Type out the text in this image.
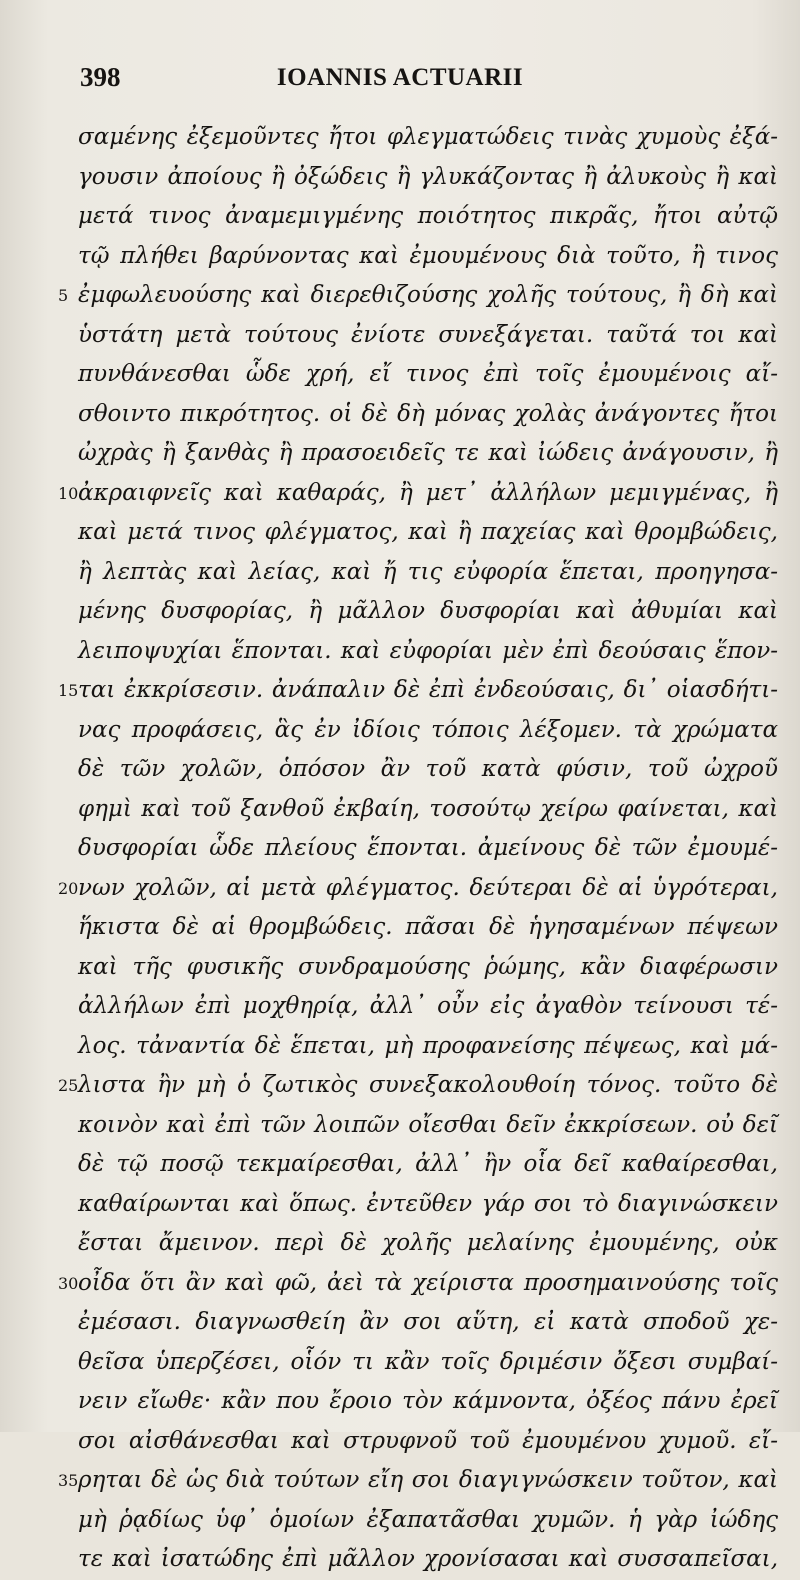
398	IOANNIS ACTUARII
σαμένης ἐξεμοῦντες ἤτοι φλεγματώδεις τινὰς χυμοὺς ἐξά-
γουσιν ἀποίους ἢ ὀξώδεις ἢ γλυκάζοντας ἢ ἀλυκοὺς ἢ καὶ
μετά τινος ἀναμεμιγμένης ποιότητος πικρᾶς, ἤτοι αὐτῷ
τῷ πλήθει βαρύνοντας καὶ ἐμουμένους διὰ τοῦτο, ἢ τινος
5 ἐμφωλευούσης καὶ διερεθιζούσης χολῆς τούτους, ἢ δὴ καὶ
ὑστάτη μετὰ τούτους ἐνίοτε συνεξάγεται. ταῦτά τοι καὶ
πυνθάνεσθαι ὧδε χρή, εἴ τινος ἐπὶ τοῖς ἐμουμένοις αἴ-
σθοιντο πικρότητος. οἱ δὲ δὴ μόνας χολὰς ἀνάγοντες ἤτοι
ὠχρὰς ἢ ξανθὰς ἢ πρασοειδεῖς τε καὶ ἰώδεις ἀνάγουσιν, ἢ
10 ἀκραιφνεῖς καὶ καθαράς, ἢ μετ᾽ ἀλλήλων μεμιγμένας, ἢ
καὶ μετά τινος φλέγματος, καὶ ἢ παχείας καὶ θρομβώδεις,
ἢ λεπτὰς καὶ λείας, καὶ ἤ τις εὐφορία ἕπεται, προηγησα-
μένης δυσφορίας, ἢ μᾶλλον δυσφορίαι καὶ ἀθυμίαι καὶ
λειποψυχίαι ἕπονται. καὶ εὐφορίαι μὲν ἐπὶ δεούσαις ἕπον-
15 ται ἐκκρίσεσιν. ἀνάπαλιν δὲ ἐπὶ ἐνδεούσαις, δι᾽ οἱασδήτι-
νας προφάσεις, ἃς ἐν ἰδίοις τόποις λέξομεν. τὰ χρώματα
δὲ τῶν χολῶν, ὁπόσον ἂν τοῦ κατὰ φύσιν, τοῦ ὠχροῦ
φημὶ καὶ τοῦ ξανθοῦ ἐκβαίη, τοσούτῳ χείρω φαίνεται, καὶ
δυσφορίαι ὧδε πλείους ἕπονται. ἀμείνους δὲ τῶν ἐμουμέ-
20 νων χολῶν, αἱ μετὰ φλέγματος. δεύτεραι δὲ αἱ ὑγρότεραι,
ἥκιστα δὲ αἱ θρομβώδεις. πᾶσαι δὲ ἡγησαμένων πέψεων
καὶ τῆς φυσικῆς συνδραμούσης ῥώμης, κἂν διαφέρωσιν
ἀλλήλων ἐπὶ μοχθηρίᾳ, ἀλλ᾽ οὖν εἰς ἀγαθὸν τείνουσι τέ-
λος. τἀναντία δὲ ἕπεται, μὴ προφανείσης πέψεως, καὶ μά-
25 λιστα ἢν μὴ ὁ ζωτικὸς συνεξακολουθοίη τόνος. τοῦτο δὲ
κοινὸν καὶ ἐπὶ τῶν λοιπῶν οἴεσθαι δεῖν ἐκκρίσεων. οὐ δεῖ
δὲ τῷ ποσῷ τεκμαίρεσθαι, ἀλλ᾽ ἢν οἷα δεῖ καθαίρεσθαι,
καθαίρωνται καὶ ὅπως. ἐντεῦθεν γάρ σοι τὸ διαγινώσκειν
ἔσται ἄμεινον. περὶ δὲ χολῆς μελαίνης ἐμουμένης, οὐκ
30 οἶδα ὅτι ἂν καὶ φῶ, ἀεὶ τὰ χείριστα προσημαινούσης τοῖς
ἐμέσασι. διαγνωσθείη ἂν σοι αὕτη, εἰ κατὰ σποδοῦ χε-
θεῖσα ὑπερζέσει, οἷόν τι κἂν τοῖς δριμέσιν ὄξεσι συμβαί-
νειν εἴωθε· κἂν που ἔροιο τὸν κάμνοντα, ὀξέος πάνυ ἐρεῖ
σοι αἰσθάνεσθαι καὶ στρυφνοῦ τοῦ ἐμουμένου χυμοῦ. εἴ-
35 ρηται δὲ ὡς διὰ τούτων εἴη σοι διαγιγνώσκειν τοῦτον, καὶ
μὴ ῥᾳδίως ὑφ᾽ ὁμοίων ἐξαπατᾶσθαι χυμῶν. ἡ γὰρ ἰώδης
τε καὶ ἰσατώδης ἐπὶ μᾶλλον χρονίσασαι καὶ συσσαπεῖσαι,
